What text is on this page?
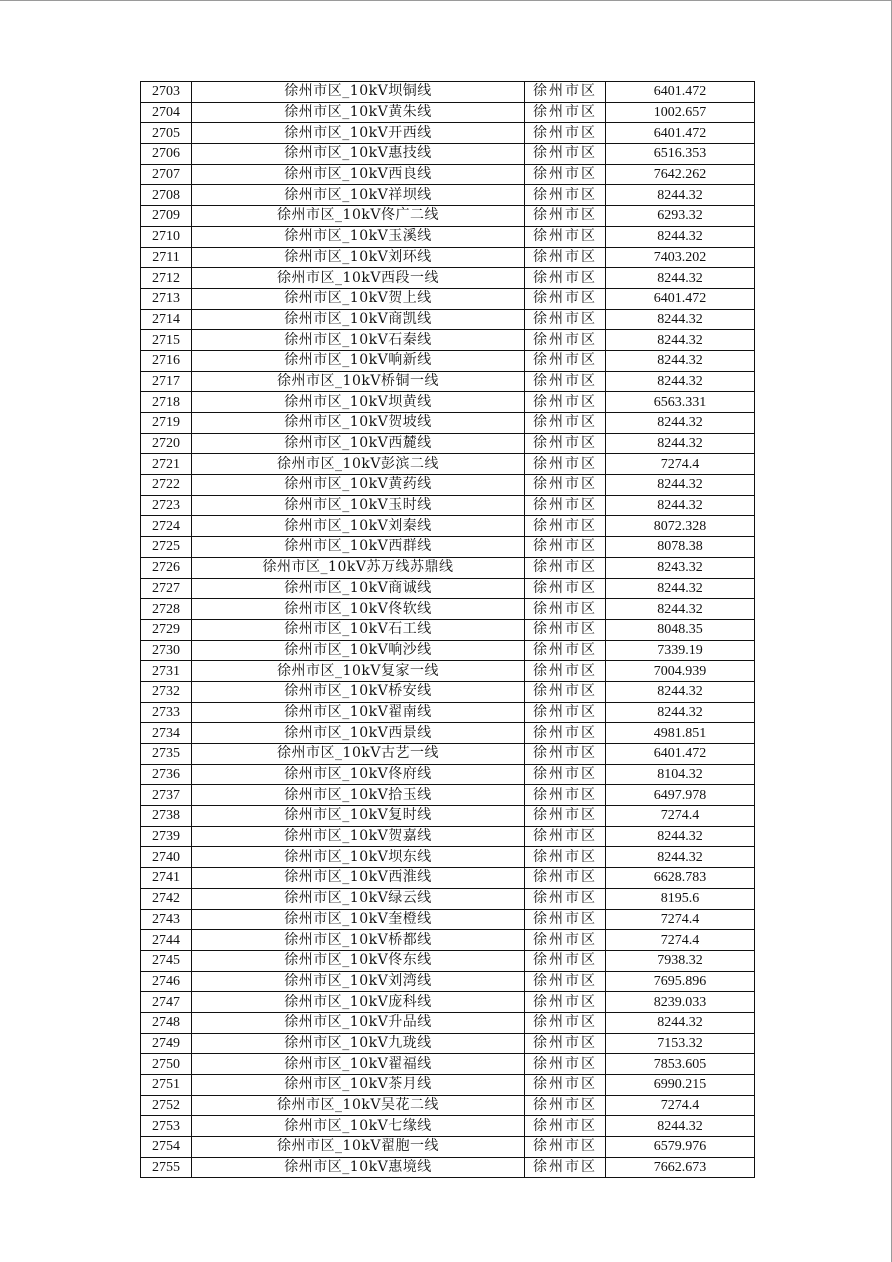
2703	徐州市区_10kV坝铜线	徐州市区	6401.472
2704	徐州市区_10kV黄朱线	徐州市区	1002.657
2705	徐州市区_10kV开西线	徐州市区	6401.472
2706	徐州市区_10kV惠技线	徐州市区	6516.353
2707	徐州市区_10kV西良线	徐州市区	7642.262
2708	徐州市区_10kV祥坝线	徐州市区	8244.32
2709	徐州市区_10kV佟广二线	徐州市区	6293.32
2710	徐州市区_10kV玉溪线	徐州市区	8244.32
2711	徐州市区_10kV刘环线	徐州市区	7403.202
2712	徐州市区_10kV西段一线	徐州市区	8244.32
2713	徐州市区_10kV贺上线	徐州市区	6401.472
2714	徐州市区_10kV商凯线	徐州市区	8244.32
2715	徐州市区_10kV石秦线	徐州市区	8244.32
2716	徐州市区_10kV响新线	徐州市区	8244.32
2717	徐州市区_10kV桥铜一线	徐州市区	8244.32
2718	徐州市区_10kV坝黄线	徐州市区	6563.331
2719	徐州市区_10kV贺坡线	徐州市区	8244.32
2720	徐州市区_10kV西麓线	徐州市区	8244.32
2721	徐州市区_10kV彭滨二线	徐州市区	7274.4
2722	徐州市区_10kV黄药线	徐州市区	8244.32
2723	徐州市区_10kV玉时线	徐州市区	8244.32
2724	徐州市区_10kV刘秦线	徐州市区	8072.328
2725	徐州市区_10kV西群线	徐州市区	8078.38
2726	徐州市区_10kV苏万线苏鼎线	徐州市区	8243.32
2727	徐州市区_10kV商诚线	徐州市区	8244.32
2728	徐州市区_10kV佟软线	徐州市区	8244.32
2729	徐州市区_10kV石工线	徐州市区	8048.35
2730	徐州市区_10kV响沙线	徐州市区	7339.19
2731	徐州市区_10kV复家一线	徐州市区	7004.939
2732	徐州市区_10kV桥安线	徐州市区	8244.32
2733	徐州市区_10kV翟南线	徐州市区	8244.32
2734	徐州市区_10kV西景线	徐州市区	4981.851
2735	徐州市区_10kV古艺一线	徐州市区	6401.472
2736	徐州市区_10kV佟府线	徐州市区	8104.32
2737	徐州市区_10kV拾玉线	徐州市区	6497.978
2738	徐州市区_10kV复时线	徐州市区	7274.4
2739	徐州市区_10kV贺嘉线	徐州市区	8244.32
2740	徐州市区_10kV坝东线	徐州市区	8244.32
2741	徐州市区_10kV西淮线	徐州市区	6628.783
2742	徐州市区_10kV绿云线	徐州市区	8195.6
2743	徐州市区_10kV奎橙线	徐州市区	7274.4
2744	徐州市区_10kV桥都线	徐州市区	7274.4
2745	徐州市区_10kV佟东线	徐州市区	7938.32
2746	徐州市区_10kV刘湾线	徐州市区	7695.896
2747	徐州市区_10kV庞科线	徐州市区	8239.033
2748	徐州市区_10kV升品线	徐州市区	8244.32
2749	徐州市区_10kV九珑线	徐州市区	7153.32
2750	徐州市区_10kV翟福线	徐州市区	7853.605
2751	徐州市区_10kV茶月线	徐州市区	6990.215
2752	徐州市区_10kV吴花二线	徐州市区	7274.4
2753	徐州市区_10kV七缘线	徐州市区	8244.32
2754	徐州市区_10kV翟胞一线	徐州市区	6579.976
2755	徐州市区_10kV惠境线	徐州市区	7662.673
